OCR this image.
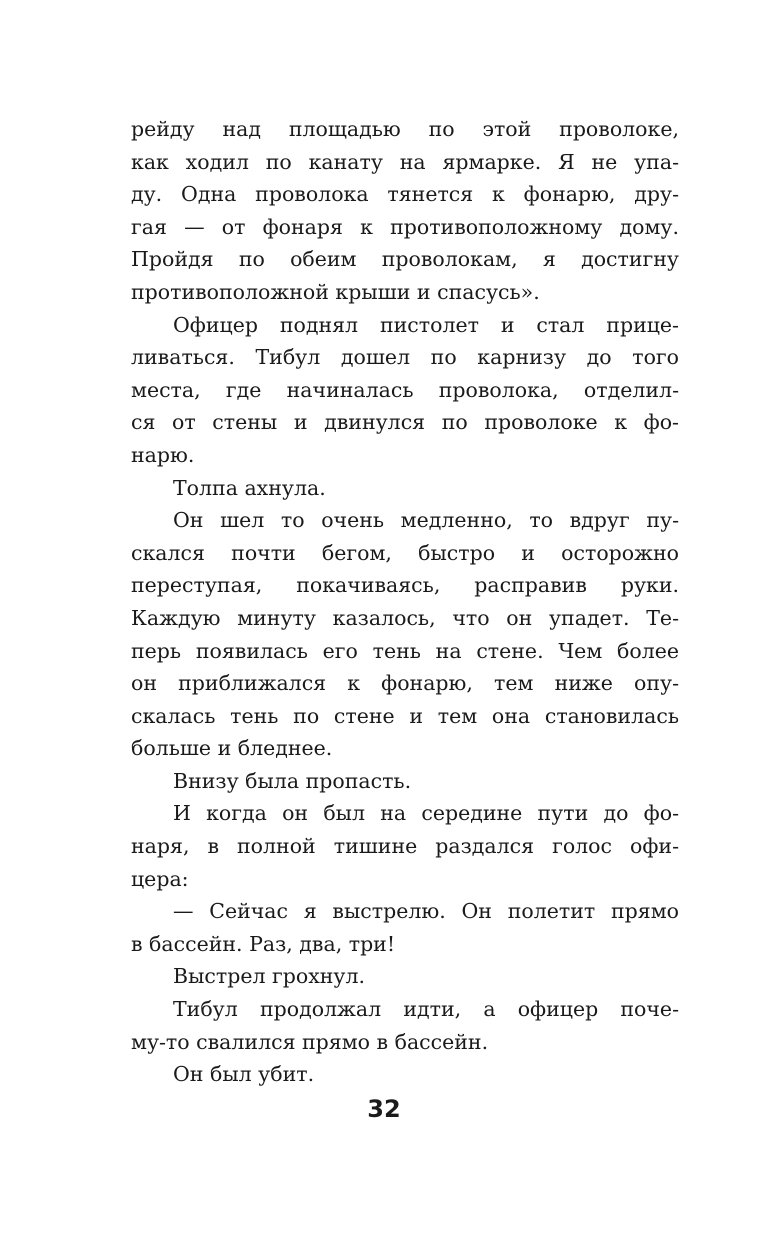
рейду над площадью по этой проволоке,
как ходил по канату на ярмарке. Я не упа-
ду. Одна проволока тянется к фонарю, дру-
гая — от фонаря к противоположному дому.
Пройдя по обеим проволокам, я достигну
противоположной крыши и спасусь».
Офицер поднял пистолет и стал прице-
ливаться. Тибул дошел по карнизу до того
места, где начиналась проволока, отделил-
ся от стены и двинулся по проволоке к фо-
нарю.
Толпа ахнула.
Он шел то очень медленно, то вдруг пу-
скался почти бегом, быстро и осторожно
переступая, покачиваясь, расправив руки.
Каждую минуту казалось, что он упадет. Те-
перь появилась его тень на стене. Чем более
он приближался к фонарю, тем ниже опу-
скалась тень по стене и тем она становилась
больше и бледнее.
Внизу была пропасть.
И когда он был на середине пути до фо-
наря, в полной тишине раздался голос офи-
цера:
— Сейчас я выстрелю. Он полетит прямо
в бассейн. Раз, два, три!
Выстрел грохнул.
Тибул продолжал идти, а офицер поче-
му-то свалился прямо в бассейн.
Он был убит.
32
